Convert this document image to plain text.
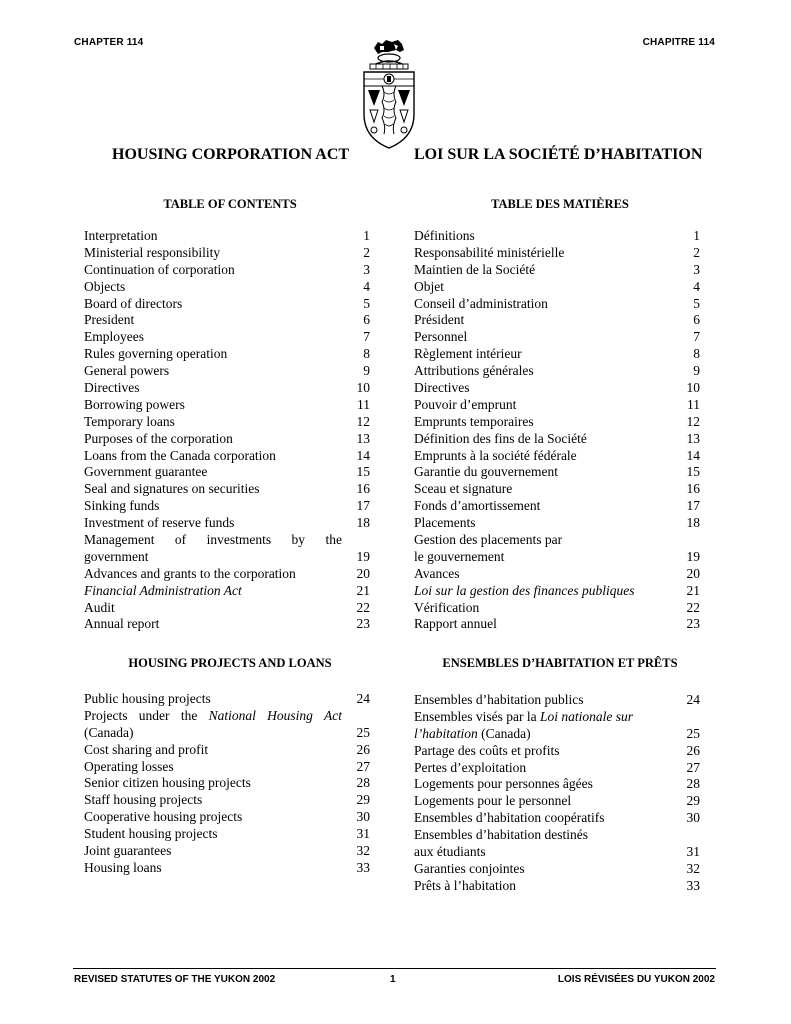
CHAPTER 114	CHAPITRE 114
HOUSING CORPORATION ACT	LOI SUR LA SOCIÉTÉ D’HABITATION
TABLE OF CONTENTS	TABLE DES MATIÈRES
Interpretation	1
Ministerial responsibility	2
Continuation of corporation	3
Objects	4
Board of directors	5
President	6
Employees	7
Rules governing operation	8
General powers	9
Directives	10
Borrowing powers	11
Temporary loans	12
Purposes of the corporation	13
Loans from the Canada corporation	14
Government guarantee	15
Seal and signatures on securities	16
Sinking funds	17
Investment of reserve funds	18
Management of investments by the
government	19
Advances and grants to the corporation	20
Financial Administration Act	21
Audit	22
Annual report	23
Définitions	1
Responsabilité ministérielle	2
Maintien de la Société	3
Objet	4
Conseil d’administration	5
Président	6
Personnel	7
Règlement intérieur	8
Attributions générales	9
Directives	10
Pouvoir d’emprunt	11
Emprunts temporaires	12
Définition des fins de la Société	13
Emprunts à la société fédérale	14
Garantie du gouvernement	15
Sceau et signature	16
Fonds d’amortissement	17
Placements	18
Gestion des placements par
le gouvernement	19
Avances	20
Loi sur la gestion des finances publiques	21
Vérification	22
Rapport annuel	23
HOUSING PROJECTS AND LOANS	ENSEMBLES D’HABITATION ET PRÊTS
Public housing projects	24
Projects under the National Housing Act
(Canada)	25
Cost sharing and profit	26
Operating losses	27
Senior citizen housing projects	28
Staff housing projects	29
Cooperative housing projects	30
Student housing projects	31
Joint guarantees	32
Housing loans	33
Ensembles d’habitation publics	24
Ensembles visés par la Loi nationale sur
l’habitation (Canada)	25
Partage des coûts et profits	26
Pertes d’exploitation	27
Logements pour personnes âgées	28
Logements pour le personnel	29
Ensembles d’habitation coopératifs	30
Ensembles d’habitation destinés
aux étudiants	31
Garanties conjointes	32
Prêts à l’habitation	33
REVISED STATUTES OF THE YUKON 2002	1	LOIS RÉVISÉES DU YUKON 2002
